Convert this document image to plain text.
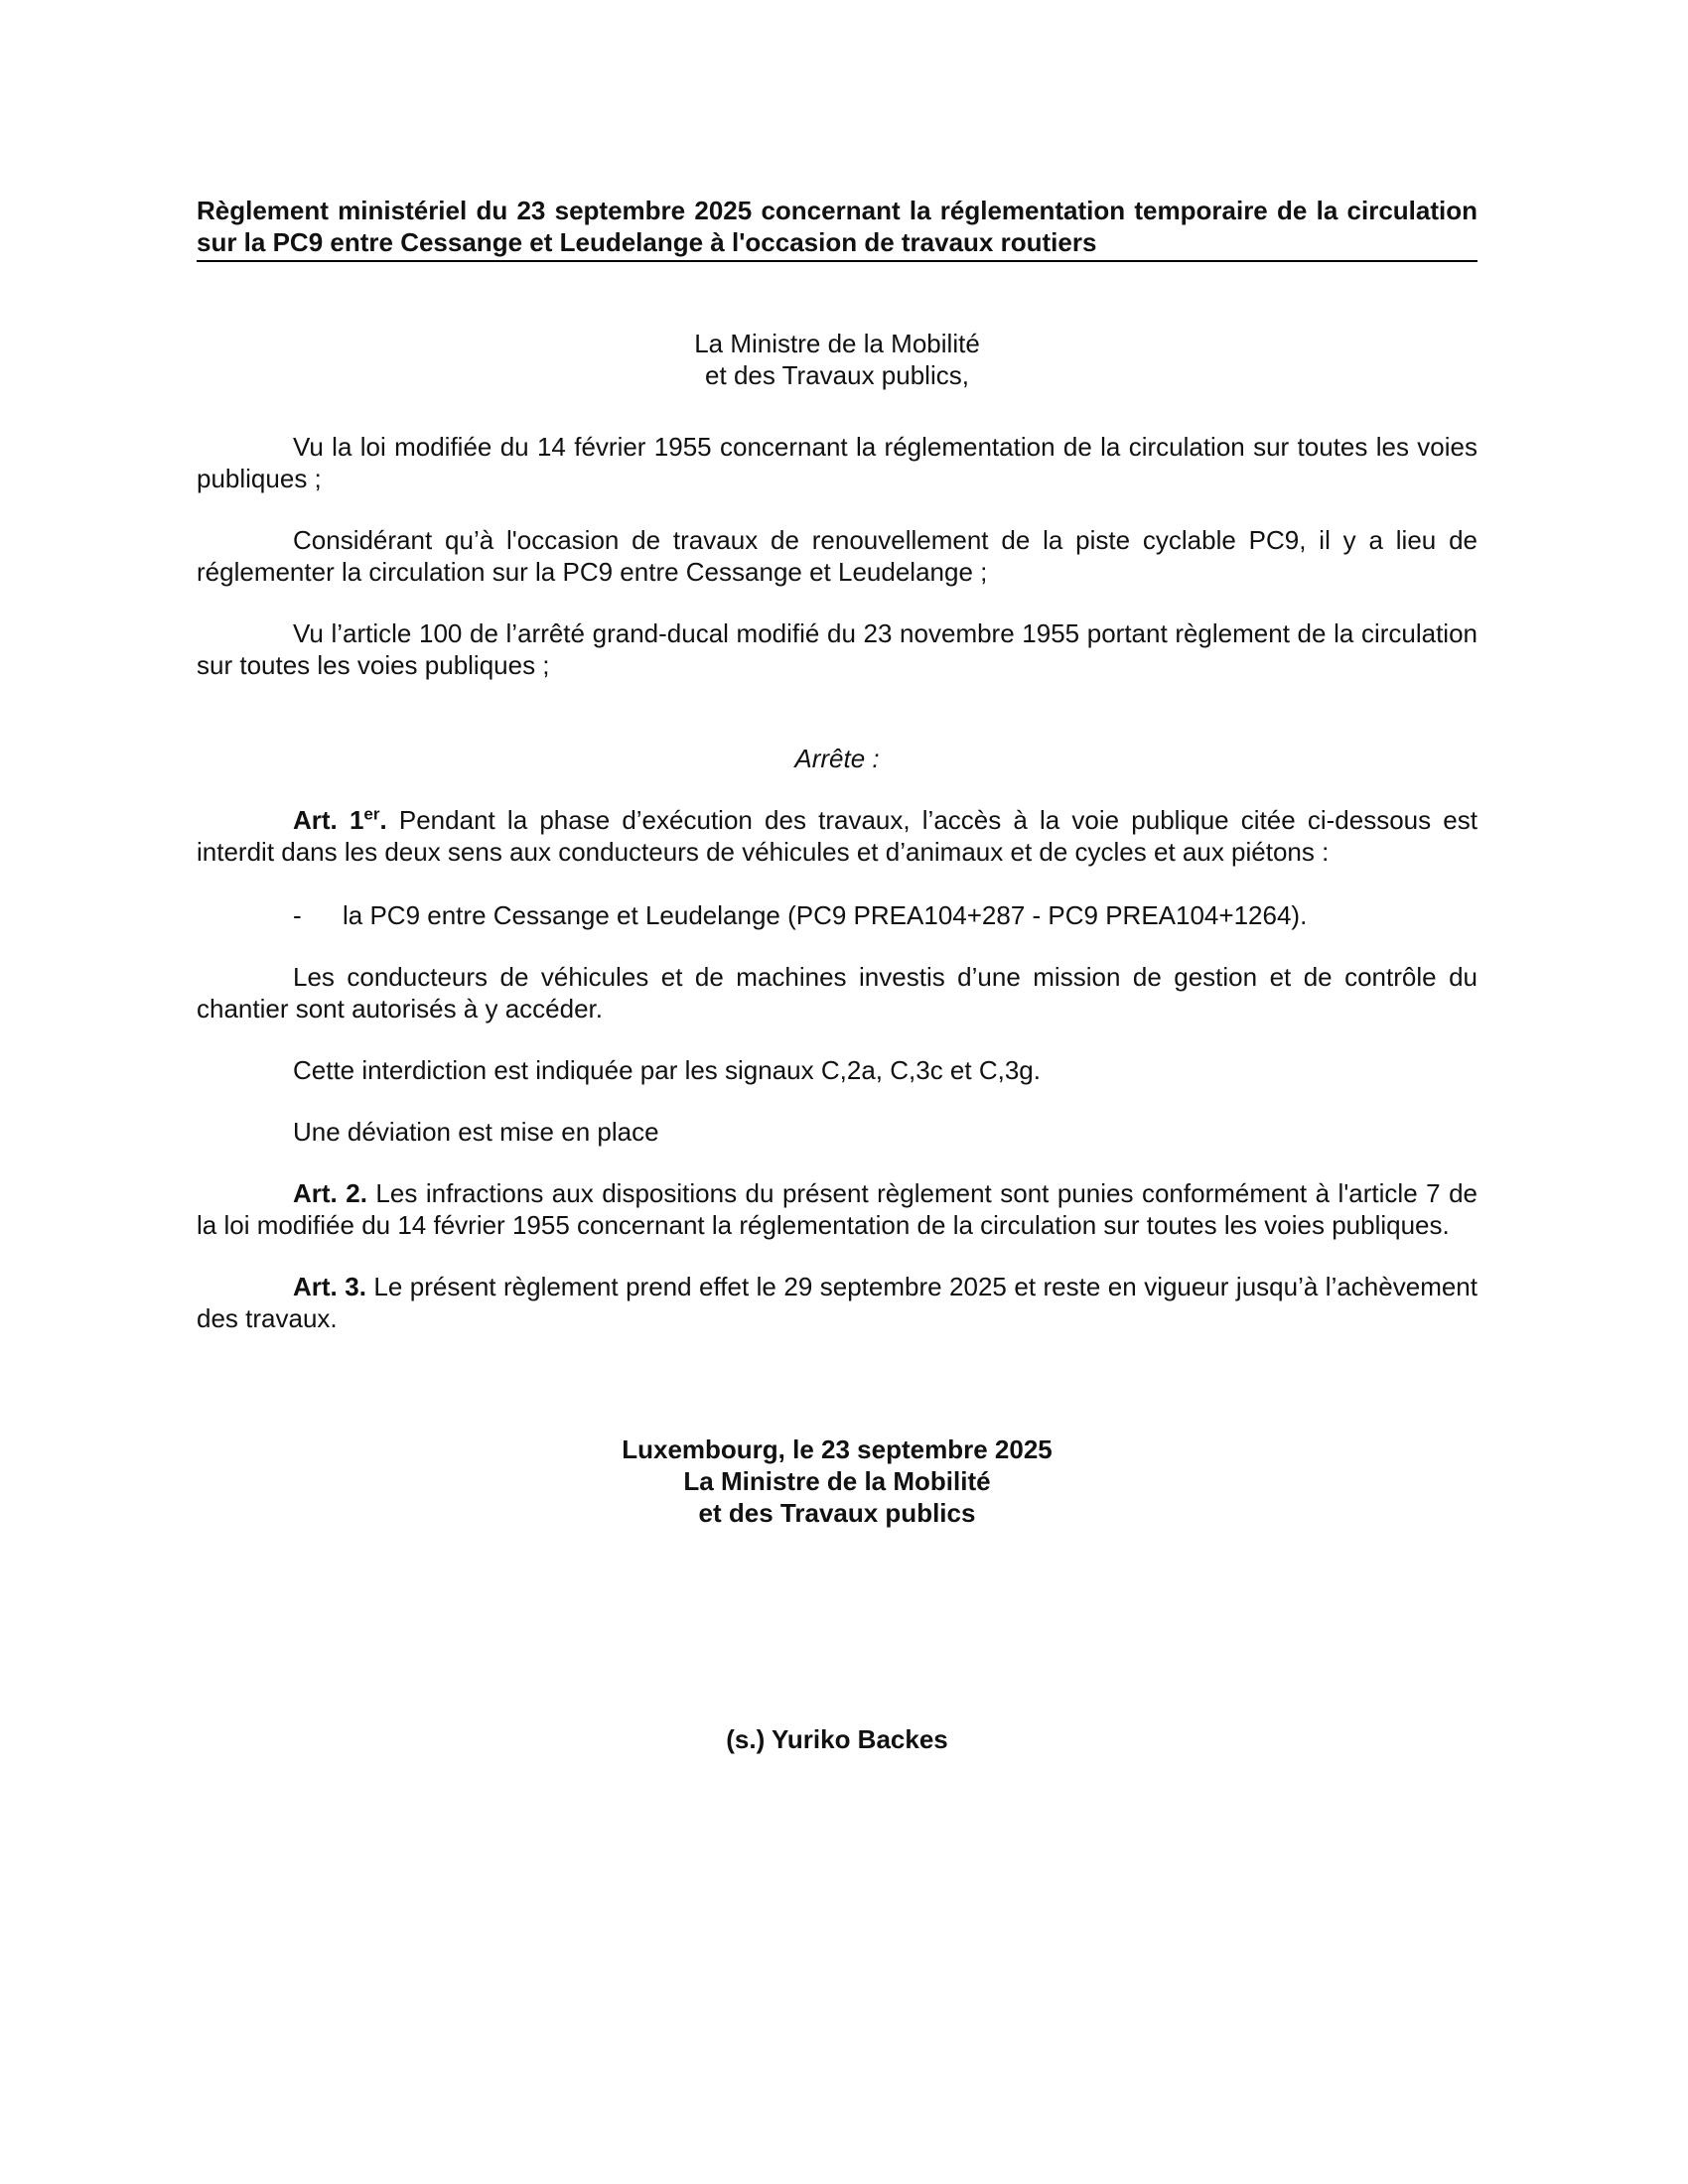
Règlement ministériel du 23 septembre 2025 concernant la réglementation temporaire de la circulation sur la PC9 entre Cessange et Leudelange à l'occasion de travaux routiers

La Ministre de la Mobilité
et des Travaux publics,

Vu la loi modifiée du 14 février 1955 concernant la réglementation de la circulation sur toutes les voies publiques ;

Considérant qu’à l'occasion de travaux de renouvellement de la piste cyclable PC9, il y a lieu de réglementer la circulation sur la PC9 entre Cessange et Leudelange ;

Vu l’article 100 de l’arrêté grand-ducal modifié du 23 novembre 1955 portant règlement de la circulation sur toutes les voies publiques ;

Arrête :

Art. 1er. Pendant la phase d’exécution des travaux, l’accès à la voie publique citée ci-dessous est interdit dans les deux sens aux conducteurs de véhicules et d’animaux et de cycles et aux piétons :

- la PC9 entre Cessange et Leudelange (PC9 PREA104+287 - PC9 PREA104+1264).

Les conducteurs de véhicules et de machines investis d’une mission de gestion et de contrôle du chantier sont autorisés à y accéder.

Cette interdiction est indiquée par les signaux C,2a, C,3c et C,3g.

Une déviation est mise en place

Art. 2. Les infractions aux dispositions du présent règlement sont punies conformément à l'article 7 de la loi modifiée du 14 février 1955 concernant la réglementation de la circulation sur toutes les voies publiques.

Art. 3. Le présent règlement prend effet le 29 septembre 2025 et reste en vigueur jusqu’à l’achèvement des travaux.

Luxembourg, le 23 septembre 2025
La Ministre de la Mobilité
et des Travaux publics
(s.) Yuriko Backes
